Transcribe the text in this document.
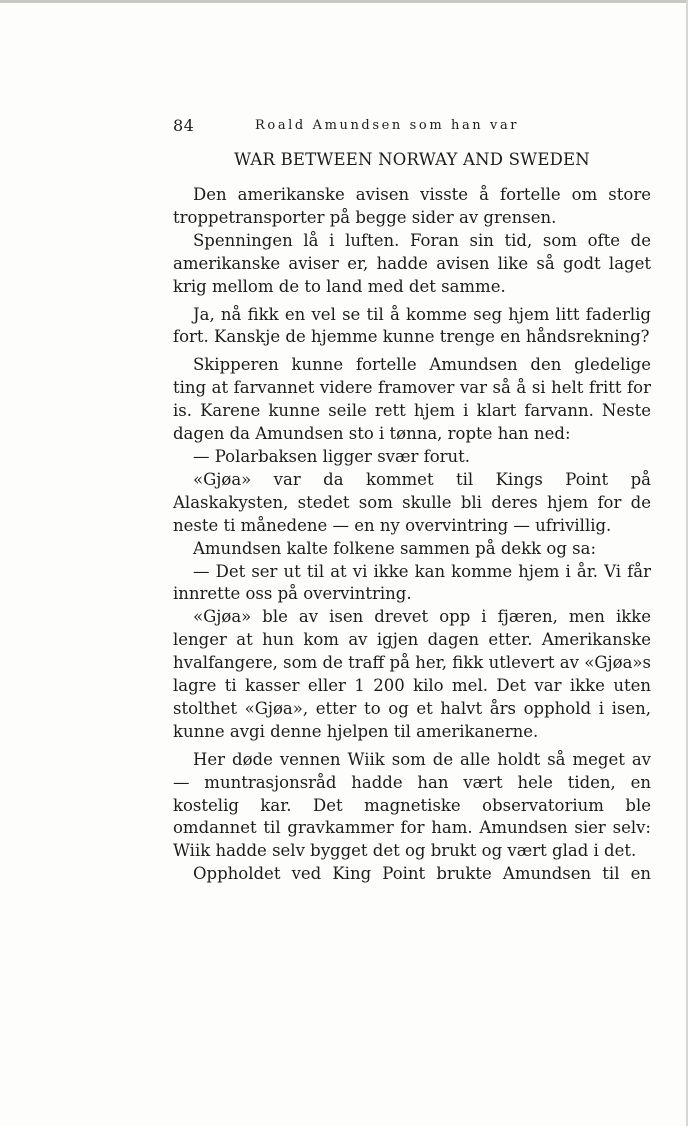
84	Roald Amundsen som han var
WAR BETWEEN NORWAY AND SWEDEN

Den amerikanske avisen visste å fortelle om store troppetransporter på begge sider av grensen.

Spenningen lå i luften. Foran sin tid, som ofte de amerikanske aviser er, hadde avisen like så godt laget krig mellom de to land med det samme.

Ja, nå fikk en vel se til å komme seg hjem litt faderlig fort. Kanskje de hjemme kunne trenge en håndsrekning?

Skipperen kunne fortelle Amundsen den gledelige ting at farvannet videre framover var så å si helt fritt for is. Karene kunne seile rett hjem i klart farvann. Neste dagen da Amundsen sto i tønna, ropte han ned:

— Polarbaksen ligger svær forut.

«Gjøa» var da kommet til Kings Point på Alaskakysten, stedet som skulle bli deres hjem for de neste ti månedene — en ny overvintring — ufrivillig.

Amundsen kalte folkene sammen på dekk og sa:

— Det ser ut til at vi ikke kan komme hjem i år. Vi får innrette oss på overvintring.

«Gjøa» ble av isen drevet opp i fjæren, men ikke lenger at hun kom av igjen dagen etter. Amerikanske hvalfangere, som de traff på her, fikk utlevert av «Gjøa»s lagre ti kasser eller 1 200 kilo mel. Det var ikke uten stolthet «Gjøa», etter to og et halvt års opphold i isen, kunne avgi denne hjelpen til amerikanerne.

Her døde vennen Wiik som de alle holdt så meget av — muntrasjonsråd hadde han vært hele tiden, en kostelig kar. Det magnetiske observatorium ble omdannet til gravkammer for ham. Amundsen sier selv: Wiik hadde selv bygget det og brukt og vært glad i det.

Oppholdet ved King Point brukte Amundsen til en
